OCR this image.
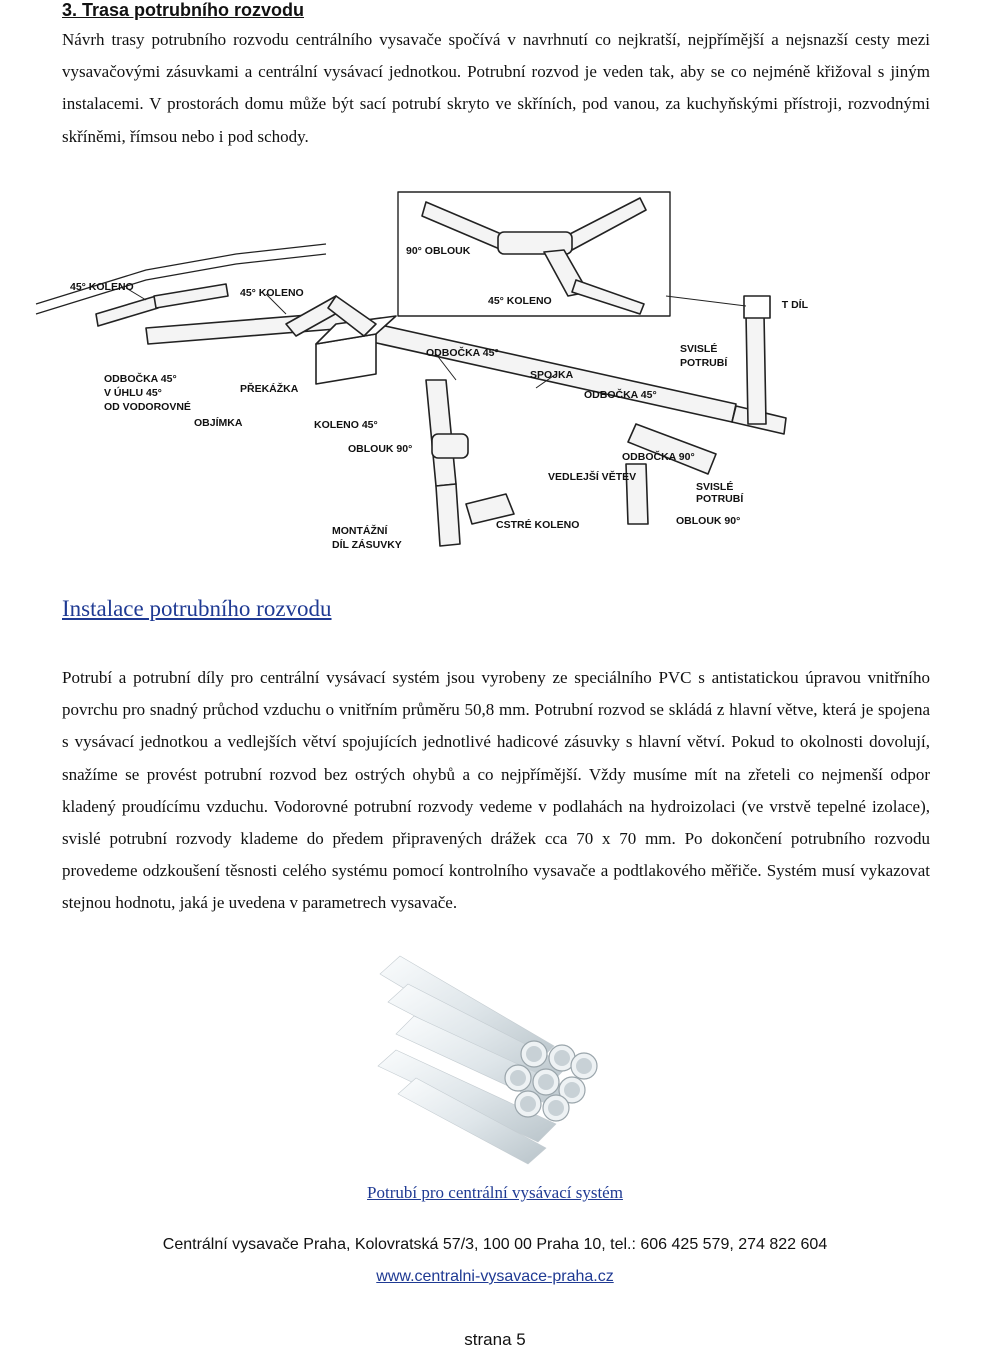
3. Trasa potrubního rozvodu

Návrh trasy potrubního rozvodu centrálního vysavače spočívá v navrhnutí co nejkratší, nejpřímější a nejsnazší cesty mezi vysavačovými zásuvkami a centrální vysávací jednotkou. Potrubní rozvod je veden tak, aby se co nejméně křižoval s jiným instalacemi. V prostorách domu může být sací potrubí skryto ve skříních, pod vanou, za kuchyňskými přístroji, rozvodnými skříněmi, římsou nebo i pod schody.

90° OBLOUK
45° KOLENO	T DÍL
45° KOLENO	45° KOLENO
ODBOČKA 45°	SVISLÉ
POTRUBÍ
ODBOČKA 45°
V ÚHLU 45°
OD VODOROVNÉ
PŘEKÁŽKA
SPOJKA
ODBOČKA 45°
OBJÍMKA	KOLENO 45°
OBLOUK 90°
ODBOČKA 90°
VEDLEJŠÍ VĚTEV
SVISLÉ
POTRUBÍ
MONTÁŽNÍ
DÍL ZÁSUVKY
CSTRÉ KOLENO	OBLOUK 90°
Instalace potrubního rozvodu

Potrubí a potrubní díly pro centrální vysávací systém jsou vyrobeny ze speciálního PVC s antistatickou úpravou vnitřního povrchu pro snadný průchod vzduchu o vnitřním průměru 50,8 mm. Potrubní rozvod se skládá z hlavní větve, která je spojena s vysávací jednotkou a vedlejších větví spojujících jednotlivé hadicové zásuvky s hlavní větví. Pokud to okolnosti dovolují, snažíme se provést potrubní rozvod bez ostrých ohybů a co nejpřímější. Vždy musíme mít na zřeteli co nejmenší odpor kladený proudícímu vzduchu. Vodorovné potrubní rozvody vedeme v podlahách na hydroizolaci (ve vrstvě tepelné izolace), svislé potrubní rozvody klademe do předem připravených drážek cca 70 x 70 mm. Po dokončení potrubního rozvodu provedeme odzkoušení těsnosti celého systému pomocí kontrolního vysavače a podtlakového měřiče. Systém musí vykazovat stejnou hodnotu, jaká je uvedena v parametrech vysavače.

Potrubí pro centrální vysávací systém
Centrální vysavače Praha, Kolovratská 57/3, 100 00 Praha 10, tel.: 606 425 579, 274 822 604
www.centralni-vysavace-praha.cz
strana 5
